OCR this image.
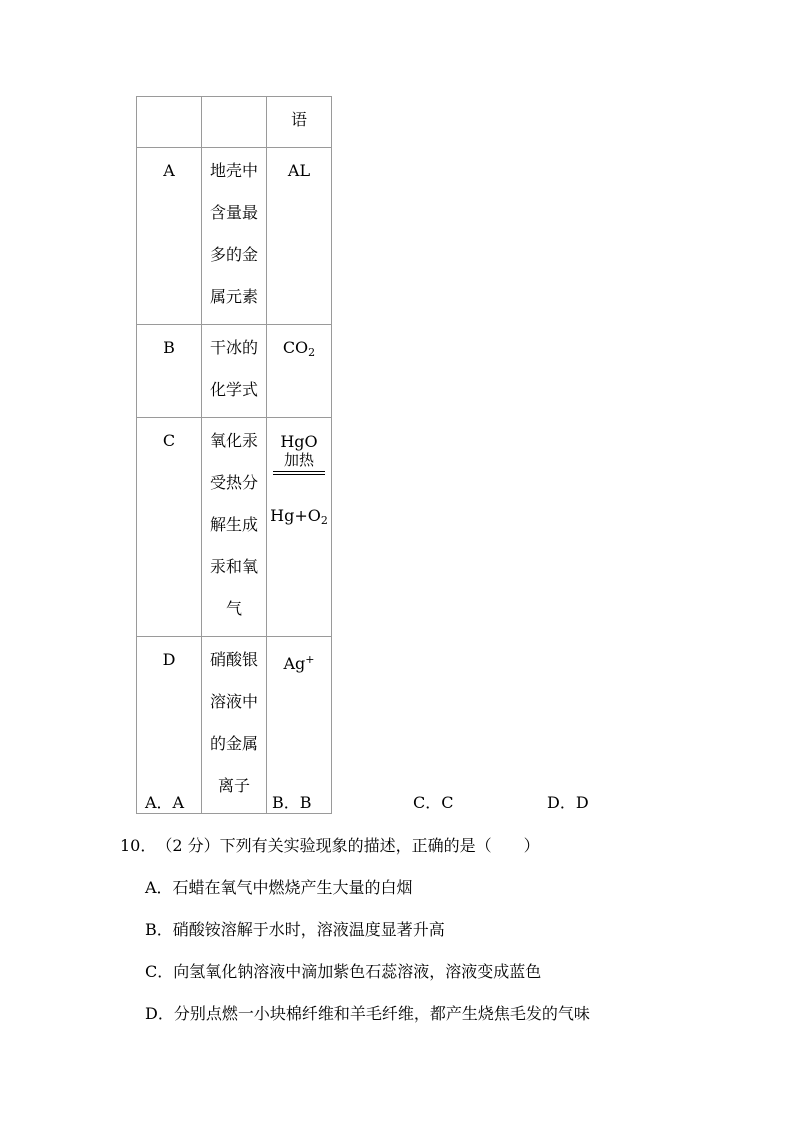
		语

A	地壳中含量最多的金属元素	AL

B	干冰的化学式	$CO_2$

C	氧化汞受热分解生成汞和氧气	HgO
加热
$Hg+O_2$

D	硝酸银溶液中的金属离子	Ag+
A．A	B．B	C．C	D．D
10．（2 分）下列有关实验现象的描述，正确的是（　　）
A．石蜡在氧气中燃烧产生大量的白烟
B．硝酸铵溶解于水时，溶液温度显著升高
C．向氢氧化钠溶液中滴加紫色石蕊溶液，溶液变成蓝色
D．分别点燃一小块棉纤维和羊毛纤维，都产生烧焦毛发的气味
